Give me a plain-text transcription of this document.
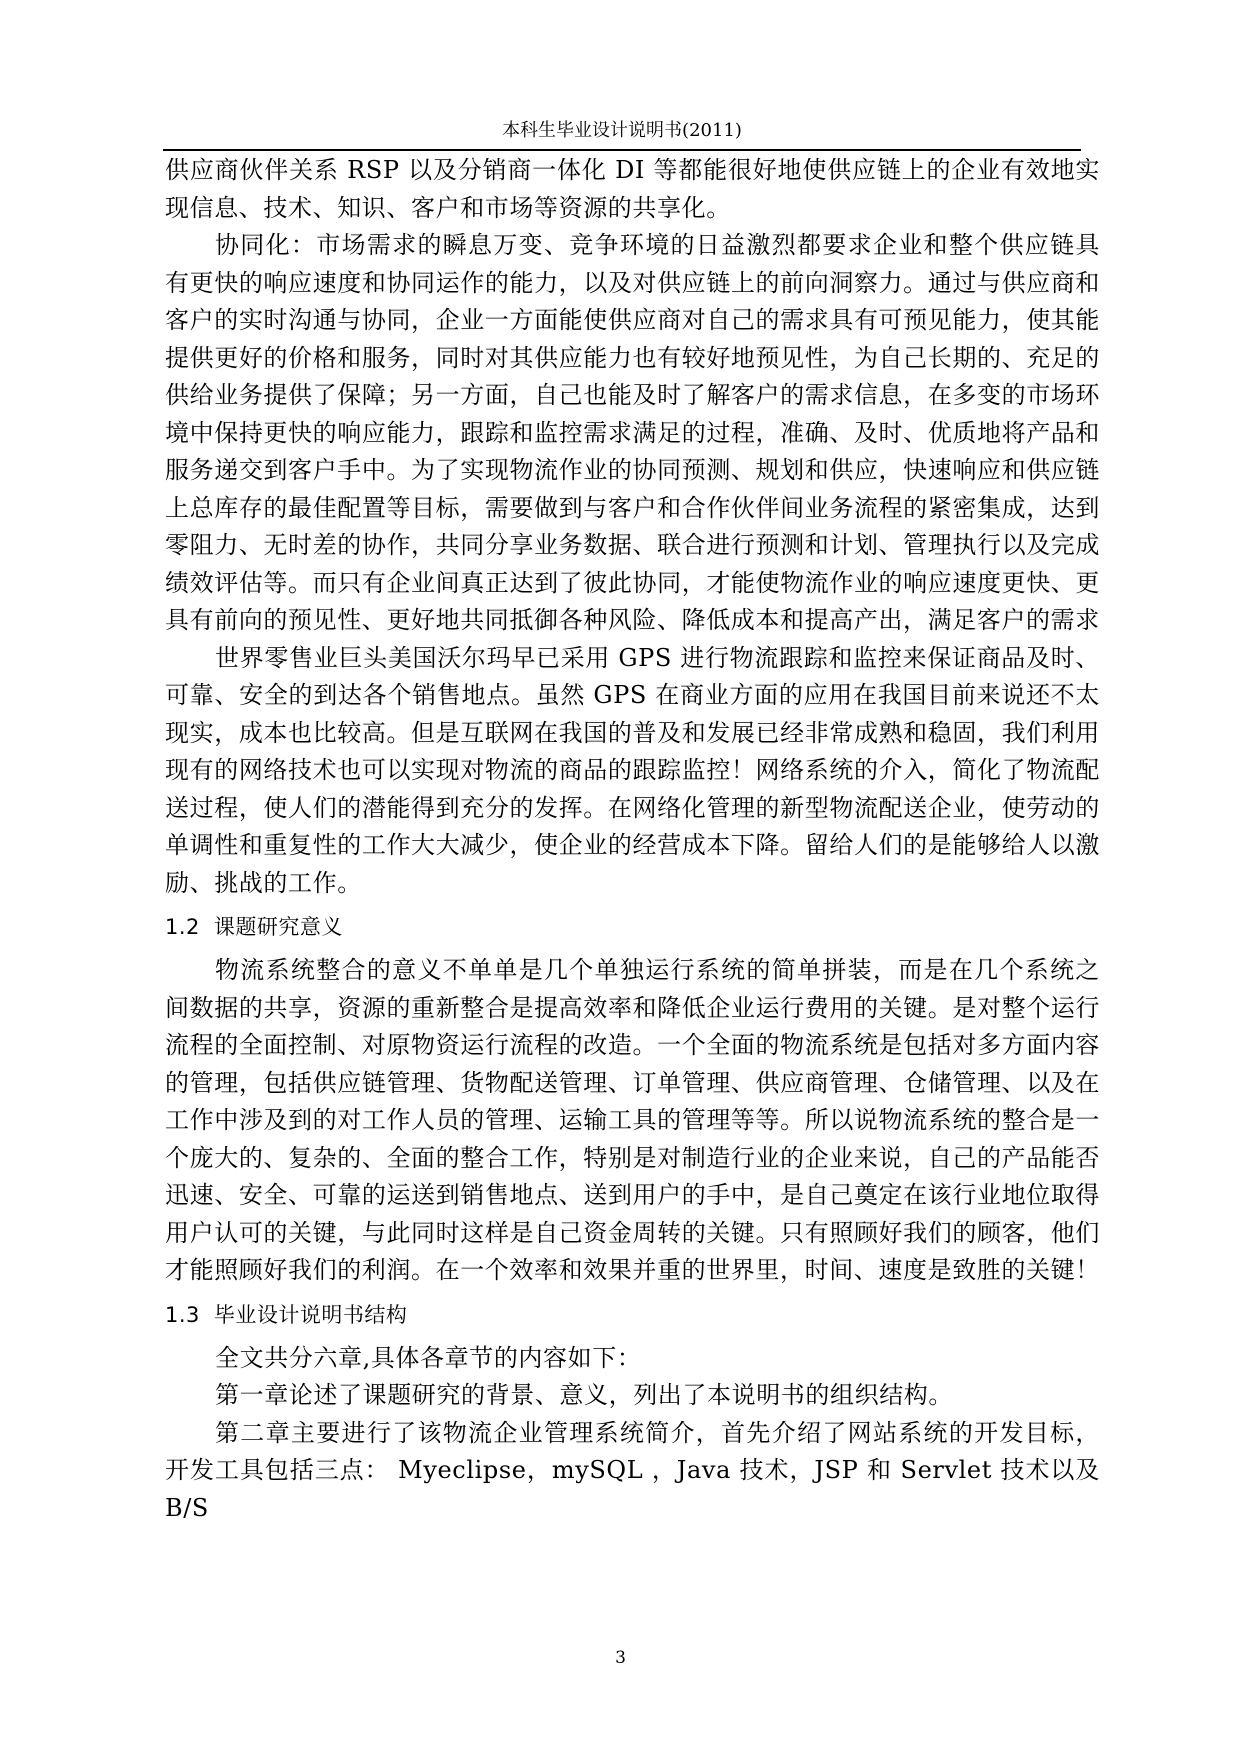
本科生毕业设计说明书(2011)

供应商伙伴关系 RSP 以及分销商一体化 DI 等都能很好地使供应链上的企业有效地实现信息、技术、知识、客户和市场等资源的共享化。

协同化：市场需求的瞬息万变、竞争环境的日益激烈都要求企业和整个供应链具有更快的响应速度和协同运作的能力，以及对供应链上的前向洞察力。通过与供应商和客户的实时沟通与协同，企业一方面能使供应商对自己的需求具有可预见能力，使其能提供更好的价格和服务，同时对其供应能力也有较好地预见性，为自己长期的、充足的供给业务提供了保障；另一方面，自己也能及时了解客户的需求信息，在多变的市场环境中保持更快的响应能力，跟踪和监控需求满足的过程，准确、及时、优质地将产品和服务递交到客户手中。为了实现物流作业的协同预测、规划和供应，快速响应和供应链上总库存的最佳配置等目标，需要做到与客户和合作伙伴间业务流程的紧密集成，达到零阻力、无时差的协作，共同分享业务数据、联合进行预测和计划、管理执行以及完成绩效评估等。而只有企业间真正达到了彼此协同，才能使物流作业的响应速度更快、更具有前向的预见性、更好地共同抵御各种风险、降低成本和提高产出，满足客户的需求

世界零售业巨头美国沃尔玛早已采用 GPS 进行物流跟踪和监控来保证商品及时、可靠、安全的到达各个销售地点。虽然 GPS 在商业方面的应用在我国目前来说还不太现实，成本也比较高。但是互联网在我国的普及和发展已经非常成熟和稳固，我们利用现有的网络技术也可以实现对物流的商品的跟踪监控！网络系统的介入，简化了物流配送过程，使人们的潜能得到充分的发挥。在网络化管理的新型物流配送企业，使劳动的单调性和重复性的工作大大减少，使企业的经营成本下降。留给人们的是能够给人以激励、挑战的工作。

1.2 课题研究意义

物流系统整合的意义不单单是几个单独运行系统的简单拼装，而是在几个系统之间数据的共享，资源的重新整合是提高效率和降低企业运行费用的关键。是对整个运行流程的全面控制、对原物资运行流程的改造。一个全面的物流系统是包括对多方面内容的管理，包括供应链管理、货物配送管理、订单管理、供应商管理、仓储管理、以及在工作中涉及到的对工作人员的管理、运输工具的管理等等。所以说物流系统的整合是一个庞大的、复杂的、全面的整合工作，特别是对制造行业的企业来说，自己的产品能否迅速、安全、可靠的运送到销售地点、送到用户的手中，是自己奠定在该行业地位取得用户认可的关键，与此同时这样是自己资金周转的关键。只有照顾好我们的顾客，他们才能照顾好我们的利润。在一个效率和效果并重的世界里，时间、速度是致胜的关键！

1.3 毕业设计说明书结构

全文共分六章,具体各章节的内容如下：

第一章论述了课题研究的背景、意义，列出了本说明书的组织结构。

第二章主要进行了该物流企业管理系统简介，首先介绍了网站系统的开发目标，开发工具包括三点： Myeclipse，mySQL ，Java 技术，JSP 和 Servlet 技术以及 B/S

3
